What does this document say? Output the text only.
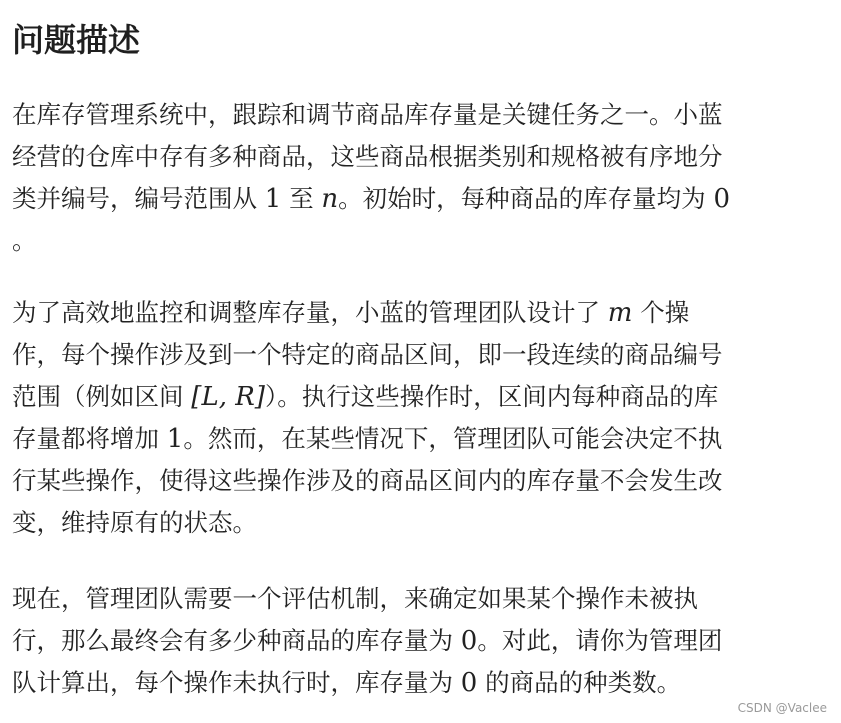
问题描述

在库存管理系统中，跟踪和调节商品库存量是关键任务之一。小蓝
经营的仓库中存有多种商品，这些商品根据类别和规格被有序地分
类并编号，编号范围从 1 至 n。初始时，每种商品的库存量均为 0
。

为了高效地监控和调整库存量，小蓝的管理团队设计了 m 个操
作，每个操作涉及到一个特定的商品区间，即一段连续的商品编号
范围（例如区间 [L, R]）。执行这些操作时，区间内每种商品的库
存量都将增加 1。然而，在某些情况下，管理团队可能会决定不执
行某些操作，使得这些操作涉及的商品区间内的库存量不会发生改
变，维持原有的状态。

现在，管理团队需要一个评估机制，来确定如果某个操作未被执
行，那么最终会有多少种商品的库存量为 0。对此，请你为管理团
队计算出，每个操作未执行时，库存量为 0 的商品的种类数。

CSDN @Vaclee
